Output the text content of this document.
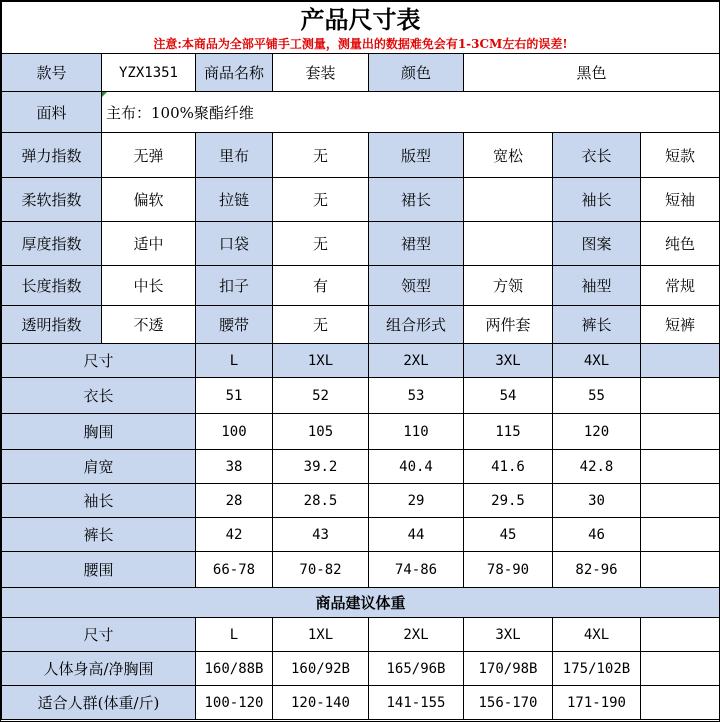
产品尺寸表							
注意:本商品为全部平铺手工测量，测量出的数据难免会有1-3CM左右的误差!							
款号	YZX1351	商品名称	套装	颜色	黑色		
面料	主布：100%聚酯纤维						
弹力指数	无弹	里布	无	版型	宽松	衣长	短款
柔软指数	偏软	拉链	无	裙长		袖长	短袖
厚度指数	适中	口袋	无	裙型		图案	纯色
长度指数	中长	扣子	有	领型	方领	袖型	常规
透明指数	不透	腰带	无	组合形式	两件套	裤长	短裤
尺寸		L	1XL	2XL	3XL	4XL	
衣长		51	52	53	54	55	
胸围		100	105	110	115	120	
肩宽		38	39.2	40.4	41.6	42.8	
袖长		28	28.5	29	29.5	30	
裤长		42	43	44	45	46	
腰围		66-78	70-82	74-86	78-90	82-96	
商品建议体重							
尺寸		L	1XL	2XL	3XL	4XL	
人体身高/净胸围		160/88B	160/92B	165/96B	170/98B	175/102B	
适合人群(体重/斤)		100-120	120-140	141-155	156-170	171-190	
